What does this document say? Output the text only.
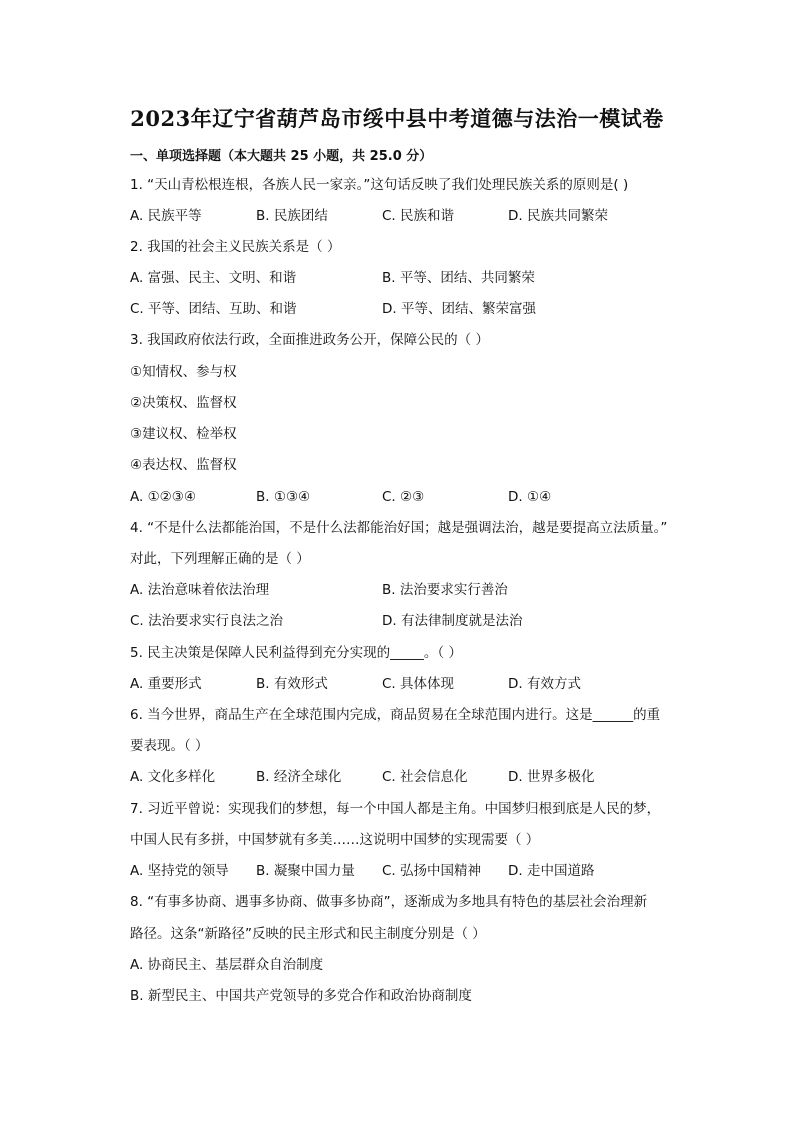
2023年辽宁省葫芦岛市绥中县中考道德与法治一模试卷
一、单项选择题（本大题共 25 小题，共 25.0 分）
1. “天山青松根连根，各族人民一家亲。”这句话反映了我们处理民族关系的原则是( )
A. 民族平等	B. 民族团结	C. 民族和谐	D. 民族共同繁荣
2. 我国的社会主义民族关系是（ ）
A. 富强、民主、文明、和谐	B. 平等、团结、共同繁荣
C. 平等、团结、互助、和谐	D. 平等、团结、繁荣富强
3. 我国政府依法行政，全面推进政务公开，保障公民的（ ）
①知情权、参与权
②决策权、监督权
③建议权、检举权
④表达权、监督权
A. ①②③④	B. ①③④	C. ②③	D. ①④
4. “不是什么法都能治国，不是什么法都能治好国；越是强调法治，越是要提高立法质量。”
对此，下列理解正确的是（ ）
A. 法治意味着依法治理	B. 法治要求实行善治
C. 法治要求实行良法之治	D. 有法律制度就是法治
5. 民主决策是保障人民利益得到充分实现的_____。（ ）
A. 重要形式	B. 有效形式	C. 具体体现	D. 有效方式
6. 当今世界，商品生产在全球范围内完成，商品贸易在全球范围内进行。这是______的重
要表现。（ ）
A. 文化多样化	B. 经济全球化	C. 社会信息化	D. 世界多极化
7. 习近平曾说：实现我们的梦想，每一个中国人都是主角。中国梦归根到底是人民的梦，
中国人民有多拼，中国梦就有多美……这说明中国梦的实现需要（ ）
A. 坚持党的领导 B. 凝聚中国力量 C. 弘扬中国精神 D. 走中国道路
8. “有事多协商、遇事多协商、做事多协商”，逐渐成为多地具有特色的基层社会治理新
路径。这条“新路径”反映的民主形式和民主制度分别是（ ）
A. 协商民主、基层群众自治制度
B. 新型民主、中国共产党领导的多党合作和政治协商制度
